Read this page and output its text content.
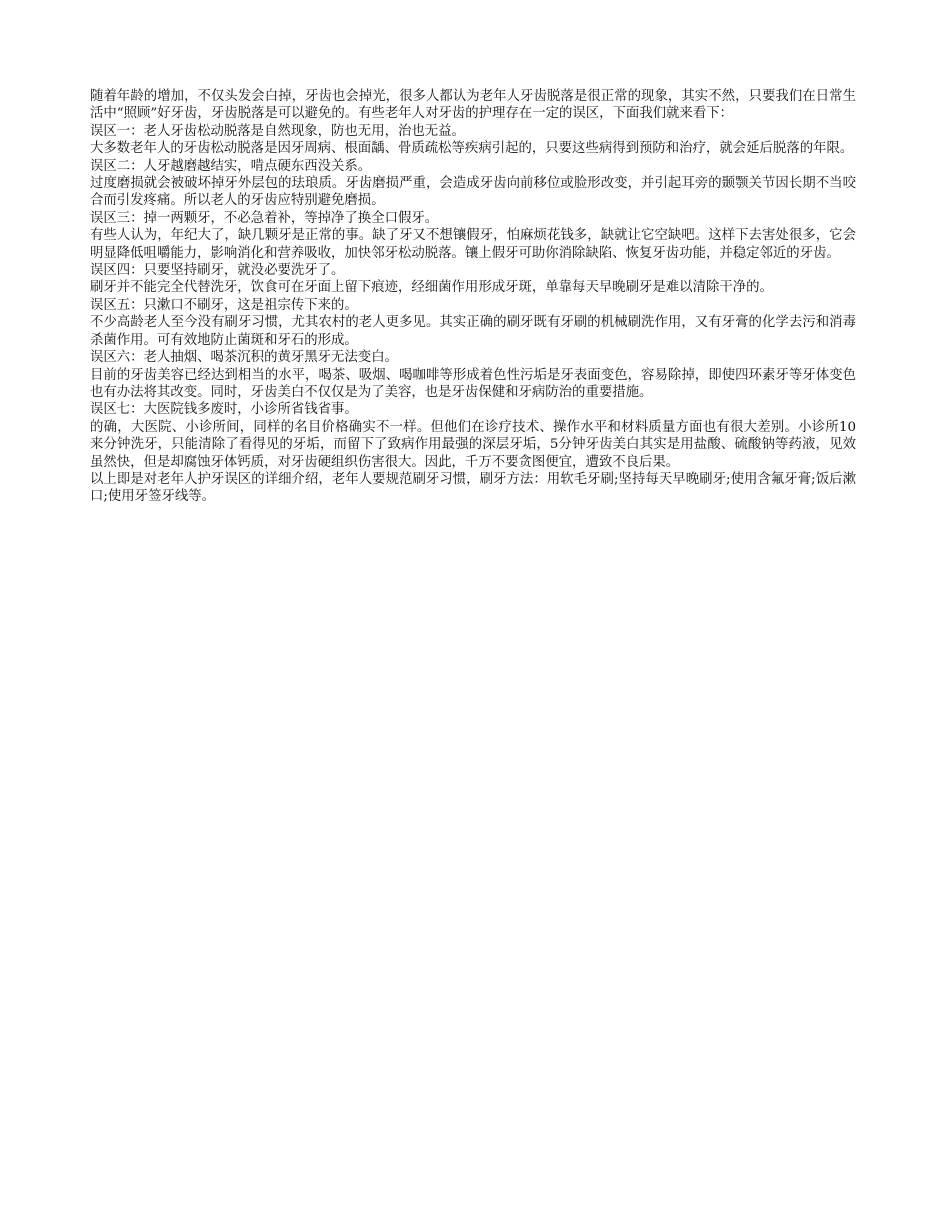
随着年龄的增加，不仅头发会白掉，牙齿也会掉光，很多人都认为老年人牙齿脱落是很正常的现象，其实不然，只要我们在日常生活中“照顾”好牙齿，牙齿脱落是可以避免的。有些老年人对牙齿的护理存在一定的误区，下面我们就来看下：

误区一：老人牙齿松动脱落是自然现象，防也无用，治也无益。

大多数老年人的牙齿松动脱落是因牙周病、根面龋、骨质疏松等疾病引起的，只要这些病得到预防和治疗，就会延后脱落的年限。

误区二：人牙越磨越结实，啃点硬东西没关系。

过度磨损就会被破坏掉牙外层包的珐琅质。牙齿磨损严重，会造成牙齿向前移位或脸形改变，并引起耳旁的颞颚关节因长期不当咬合而引发疼痛。所以老人的牙齿应特别避免磨损。

误区三：掉一两颗牙，不必急着补，等掉净了换全口假牙。

有些人认为，年纪大了，缺几颗牙是正常的事。缺了牙又不想镶假牙，怕麻烦花钱多，缺就让它空缺吧。这样下去害处很多，它会明显降低咀嚼能力，影响消化和营养吸收，加快邻牙松动脱落。镶上假牙可助你消除缺陷、恢复牙齿功能，并稳定邻近的牙齿。

误区四：只要坚持刷牙，就没必要洗牙了。

刷牙并不能完全代替洗牙，饮食可在牙面上留下痕迹，经细菌作用形成牙斑，单靠每天早晚刷牙是难以清除干净的。

误区五：只漱口不刷牙，这是祖宗传下来的。

不少高龄老人至今没有刷牙习惯，尤其农村的老人更多见。其实正确的刷牙既有牙刷的机械刷洗作用，又有牙膏的化学去污和消毒杀菌作用。可有效地防止菌斑和牙石的形成。

误区六：老人抽烟、喝茶沉积的黄牙黑牙无法变白。

目前的牙齿美容已经达到相当的水平，喝茶、吸烟、喝咖啡等形成着色性污垢是牙表面变色，容易除掉，即使四环素牙等牙体变色也有办法将其改变。同时，牙齿美白不仅仅是为了美容，也是牙齿保健和牙病防治的重要措施。

误区七：大医院钱多废时，小诊所省钱省事。

的确，大医院、小诊所间，同样的名目价格确实不一样。但他们在诊疗技术、操作水平和材料质量方面也有很大差别。小诊所10来分钟洗牙，只能清除了看得见的牙垢，而留下了致病作用最强的深层牙垢，5分钟牙齿美白其实是用盐酸、硫酸钠等药液，见效虽然快，但是却腐蚀牙体钙质，对牙齿硬组织伤害很大。因此，千万不要贪图便宜，遭致不良后果。

以上即是对老年人护牙误区的详细介绍，老年人要规范刷牙习惯，刷牙方法：用软毛牙刷;坚持每天早晚刷牙;使用含氟牙膏;饭后漱口;使用牙签牙线等。
